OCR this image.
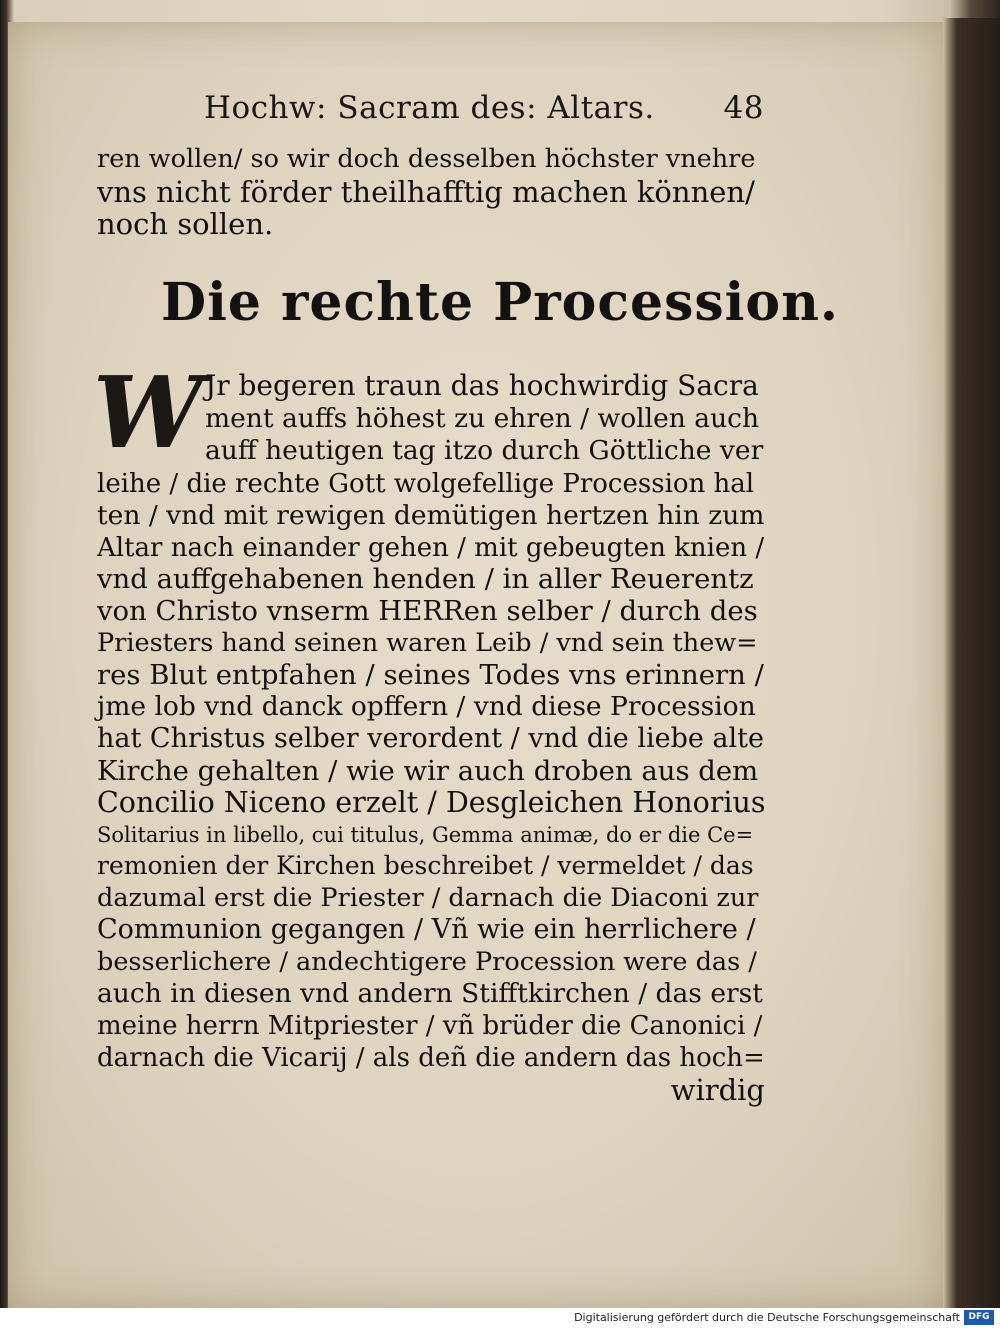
Hochw: Sacram des: Altars. 48
ren wollen/ so wir doch desselben höchster vnehre
vns nicht förder theilhafftig machen können/
noch sollen.
Die rechte Procession.
W Jr begeren traun das hochwirdig Sacra
ment auffs höhest zu ehren / wollen auch
auff heutigen tag itzo durch Göttliche ver
leihe / die rechte Gott wolgefellige Procession hal
ten / vnd mit rewigen demütigen hertzen hin zum
Altar nach einander gehen / mit gebeugten knien /
vnd auffgehabenen henden / in aller Reuerentz
von Christo vnserm HERRen selber / durch des
Priesters hand seinen waren Leib / vnd sein thew=
res Blut entpfahen / seines Todes vns erinnern /
jme lob vnd danck opffern / vnd diese Procession
hat Christus selber verordent / vnd die liebe alte
Kirche gehalten / wie wir auch droben aus dem
Concilio Niceno erzelt / Desgleichen Honorius
Solitarius in libello, cui titulus, Gemma animæ, do er die Ce=
remonien der Kirchen beschreibet / vermeldet / das
dazumal erst die Priester / darnach die Diaconi zur
Communion gegangen / Vñ wie ein herrlichere /
besserlichere / andechtigere Procession were das /
auch in diesen vnd andern Stifftkirchen / das erst
meine herrn Mitpriester / vñ brüder die Canonici /
darnach die Vicarij / als deñ die andern das hoch=
wirdig
Digitalisierung gefördert durch die Deutsche Forschungsgemeinschaft DFG
